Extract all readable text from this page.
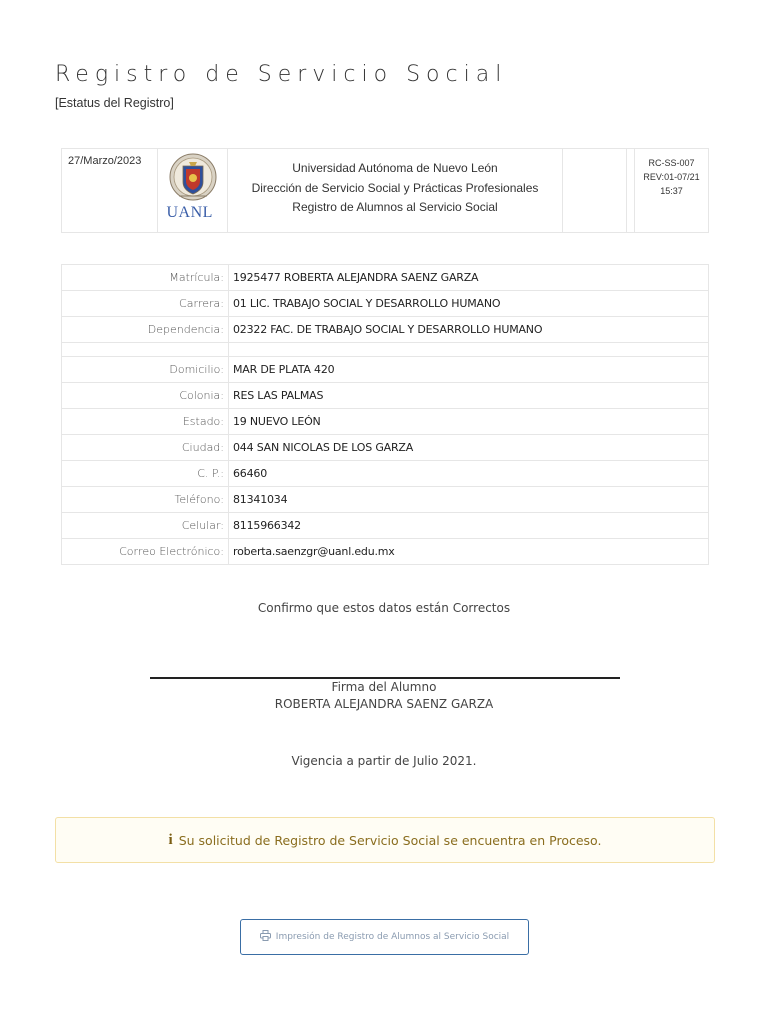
Registro de Servicio Social
[Estatus del Registro]
27/Marzo/2023	
UANL

Universidad Autónoma de Nuevo León
Dirección de Servicio Social y Prácticas Profesionales
Registro de Alumnos al Servicio Social

RC-SS-007
REV:01-07/21
15:37
Matrícula:	1925477 ROBERTA ALEJANDRA SAENZ GARZA
Carrera:	01 LIC. TRABAJO SOCIAL Y DESARROLLO HUMANO
Dependencia:	02322 FAC. DE TRABAJO SOCIAL Y DESARROLLO HUMANO

Domicilio:	MAR DE PLATA 420
Colonia:	RES LAS PALMAS
Estado:	19 NUEVO LEÓN
Ciudad:	044 SAN NICOLAS DE LOS GARZA
C. P.:	66460
Teléfono:	81341034
Celular:	8115966342
Correo Electrónico:	roberta.saenzgr@uanl.edu.mx
Confirmo que estos datos están Correctos
Firma del Alumno
ROBERTA ALEJANDRA SAENZ GARZA
Vigencia a partir de Julio 2021.
i Su solicitud de Registro de Servicio Social se encuentra en Proceso.
Impresión de Registro de Alumnos al Servicio Social
